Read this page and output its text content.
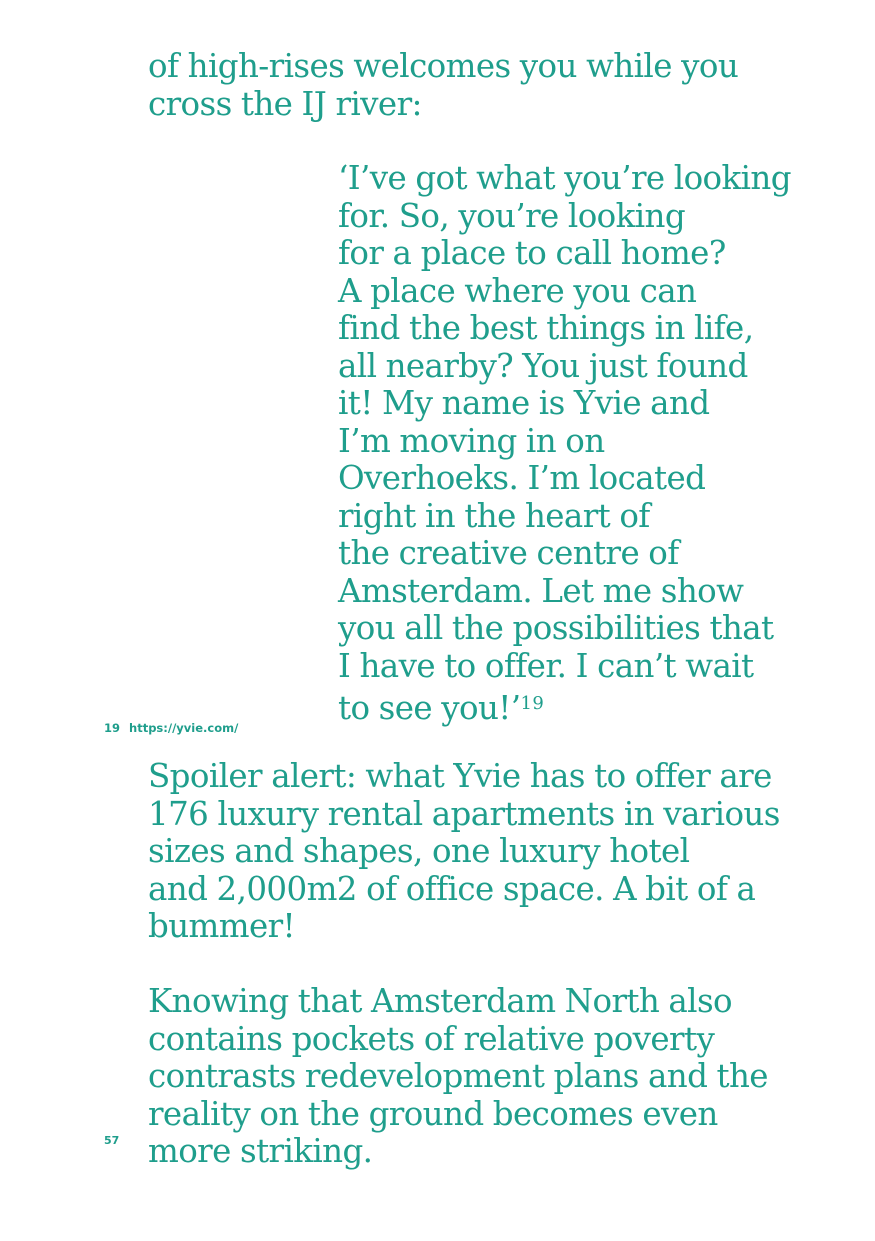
of high-rises welcomes you while you
cross the IJ river:
‘I’ve got what you’re looking
for. So, you’re looking
for a place to call home?
A place where you can
find the best things in life,
all nearby? You just found
it! My name is Yvie and
I’m moving in on
Overhoeks. I’m located
right in the heart of
the creative centre of
Amsterdam. Let me show
you all the possibilities that
I have to offer. I can’t wait
to see you!’$^{19}$
19 https://yvie.com/
Spoiler alert: what Yvie has to offer are
176 luxury rental apartments in various
sizes and shapes, one luxury hotel
and 2,000m2 of office space. A bit of a
bummer!
Knowing that Amsterdam North also
contains pockets of relative poverty
contrasts redevelopment plans and the
reality on the ground becomes even
more striking.
57
